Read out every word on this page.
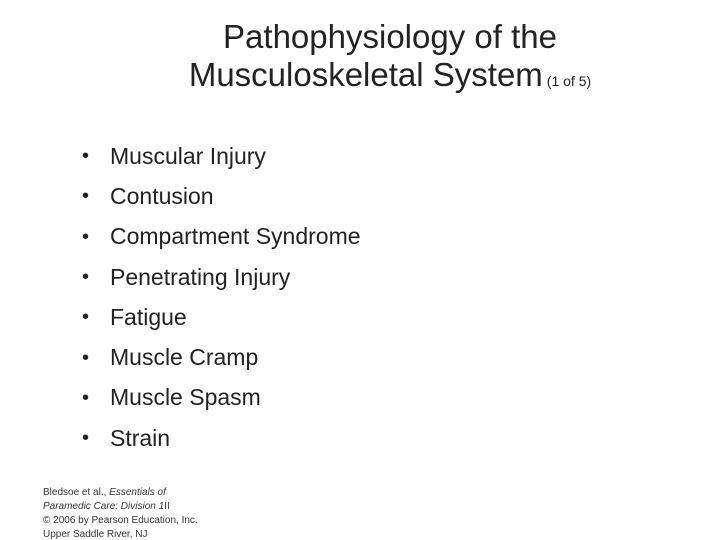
Pathophysiology of the
Musculoskeletal System (1 of 5)
• Muscular Injury
• Contusion
• Compartment Syndrome
• Penetrating Injury
• Fatigue
• Muscle Cramp
• Muscle Spasm
• Strain
Bledsoe et al., Essentials of Paramedic Care: Division 1II
© 2006 by Pearson Education, Inc. Upper Saddle River, NJ
